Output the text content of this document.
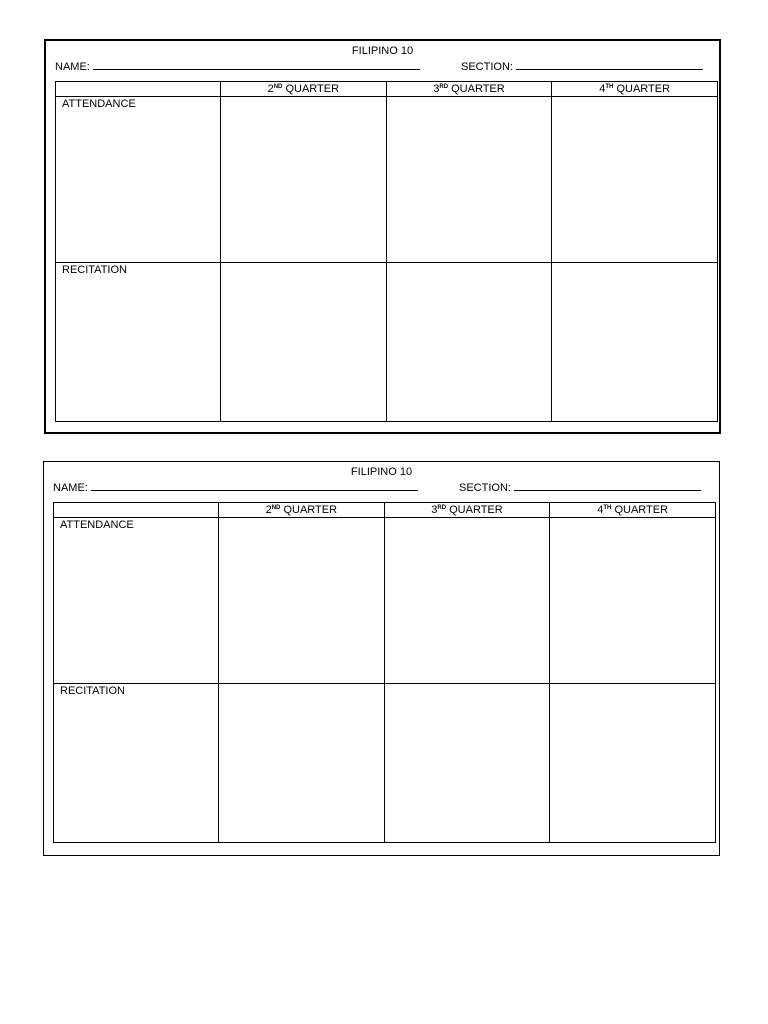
FILIPINO 10
NAME:	SECTION:
	2ND QUARTER	3RD QUARTER	4TH QUARTER
ATTENDANCE			
RECITATION			
FILIPINO 10
NAME:	SECTION:
	2ND QUARTER	3RD QUARTER	4TH QUARTER
ATTENDANCE			
RECITATION			
